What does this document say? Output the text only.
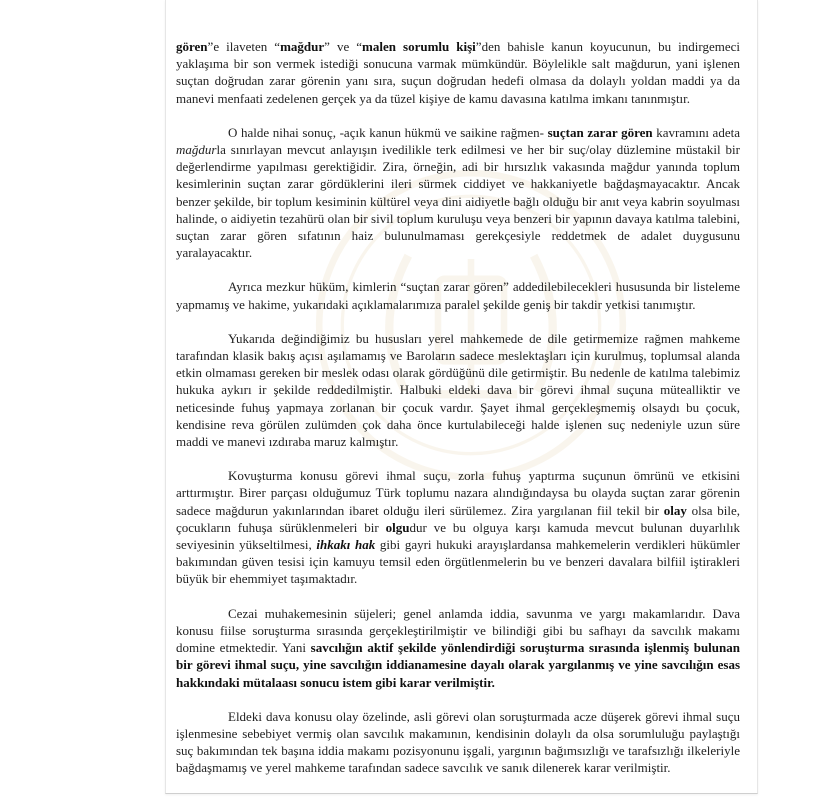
gören”e ilaveten “mağdur” ve “malen sorumlu kişi”den bahisle kanun koyucunun, bu indirgemeci yaklaşıma bir son vermek istediği sonucuna varmak mümkündür. Böylelikle salt mağdurun, yani işlenen suçtan doğrudan zarar görenin yanı sıra, suçun doğrudan hedefi olmasa da dolaylı yoldan maddi ya da manevi menfaati zedelenen gerçek ya da tüzel kişiye de kamu davasına katılma imkanı tanınmıştır.

O halde nihai sonuç, -açık kanun hükmü ve saikine rağmen- suçtan zarar gören kavramını adeta mağdurla sınırlayan mevcut anlayışın ivedilikle terk edilmesi ve her bir suç/olay düzlemine müstakil bir değerlendirme yapılması gerektiğidir. Zira, örneğin, adi bir hırsızlık vakasında mağdur yanında toplum kesimlerinin suçtan zarar gördüklerini ileri sürmek ciddiyet ve hakkaniyetle bağdaşmayacaktır. Ancak benzer şekilde, bir toplum kesiminin kültürel veya dini aidiyetle bağlı olduğu bir anıt veya kabrin soyulması halinde, o aidiyetin tezahürü olan bir sivil toplum kuruluşu veya benzeri bir yapının davaya katılma talebini, suçtan zarar gören sıfatının haiz bulunulmaması gerekçesiyle reddetmek de adalet duygusunu yaralayacaktır.

Ayrıca mezkur hüküm, kimlerin “suçtan zarar gören” addedilebilecekleri hususunda bir listeleme yapmamış ve hakime, yukarıdaki açıklamalarımıza paralel şekilde geniş bir takdir yetkisi tanımıştır.

Yukarıda değindiğimiz bu hususları yerel mahkemede de dile getirmemize rağmen mahkeme tarafından klasik bakış açısı aşılamamış ve Baroların sadece meslektaşları için kurulmuş, toplumsal alanda etkin olmaması gereken bir meslek odası olarak gördüğünü dile getirmiştir. Bu nedenle de katılma talebimiz hukuka aykırı ir şekilde reddedilmiştir. Halbuki eldeki dava bir görevi ihmal suçuna mütealliktir ve neticesinde fuhuş yapmaya zorlanan bir çocuk vardır. Şayet ihmal gerçekleşmemiş olsaydı bu çocuk, kendisine reva görülen zulümden çok daha önce kurtulabileceği halde işlenen suç nedeniyle uzun süre maddi ve manevi ızdıraba maruz kalmıştır.

Kovuşturma konusu görevi ihmal suçu, zorla fuhuş yaptırma suçunun ömrünü ve etkisini arttırmıştır. Birer parçası olduğumuz Türk toplumu nazara alındığındaysa bu olayda suçtan zarar görenin sadece mağdurun yakınlarından ibaret olduğu ileri sürülemez. Zira yargılanan fiil tekil bir olay olsa bile, çocukların fuhuşa sürüklenmeleri bir olgudur ve bu olguya karşı kamuda mevcut bulunan duyarlılık seviyesinin yükseltilmesi, ihkakı hak gibi gayri hukuki arayışlardansa mahkemelerin verdikleri hükümler bakımından güven tesisi için kamuyu temsil eden örgütlenmelerin bu ve benzeri davalara bilfiil iştirakleri büyük bir ehemmiyet taşımaktadır.

Cezai muhakemesinin süjeleri; genel anlamda iddia, savunma ve yargı makamlarıdır. Dava konusu fiilse soruşturma sırasında gerçekleştirilmiştir ve bilindiği gibi bu safhayı da savcılık makamı domine etmektedir. Yani savcılığın aktif şekilde yönlendirdiği soruşturma sırasında işlenmiş bulunan bir görevi ihmal suçu, yine savcılığın iddianamesine dayalı olarak yargılanmış ve yine savcılığın esas hakkındaki mütalaası sonucu istem gibi karar verilmiştir.

Eldeki dava konusu olay özelinde, asli görevi olan soruşturmada acze düşerek görevi ihmal suçu işlenmesine sebebiyet vermiş olan savcılık makamının, kendisinin dolaylı da olsa sorumluluğu paylaştığı suç bakımından tek başına iddia makamı pozisyonunu işgali, yargının bağımsızlığı ve tarafsızlığı ilkeleriyle bağdaşmamış ve yerel mahkeme tarafından sadece savcılık ve sanık dilenerek karar verilmiştir.
